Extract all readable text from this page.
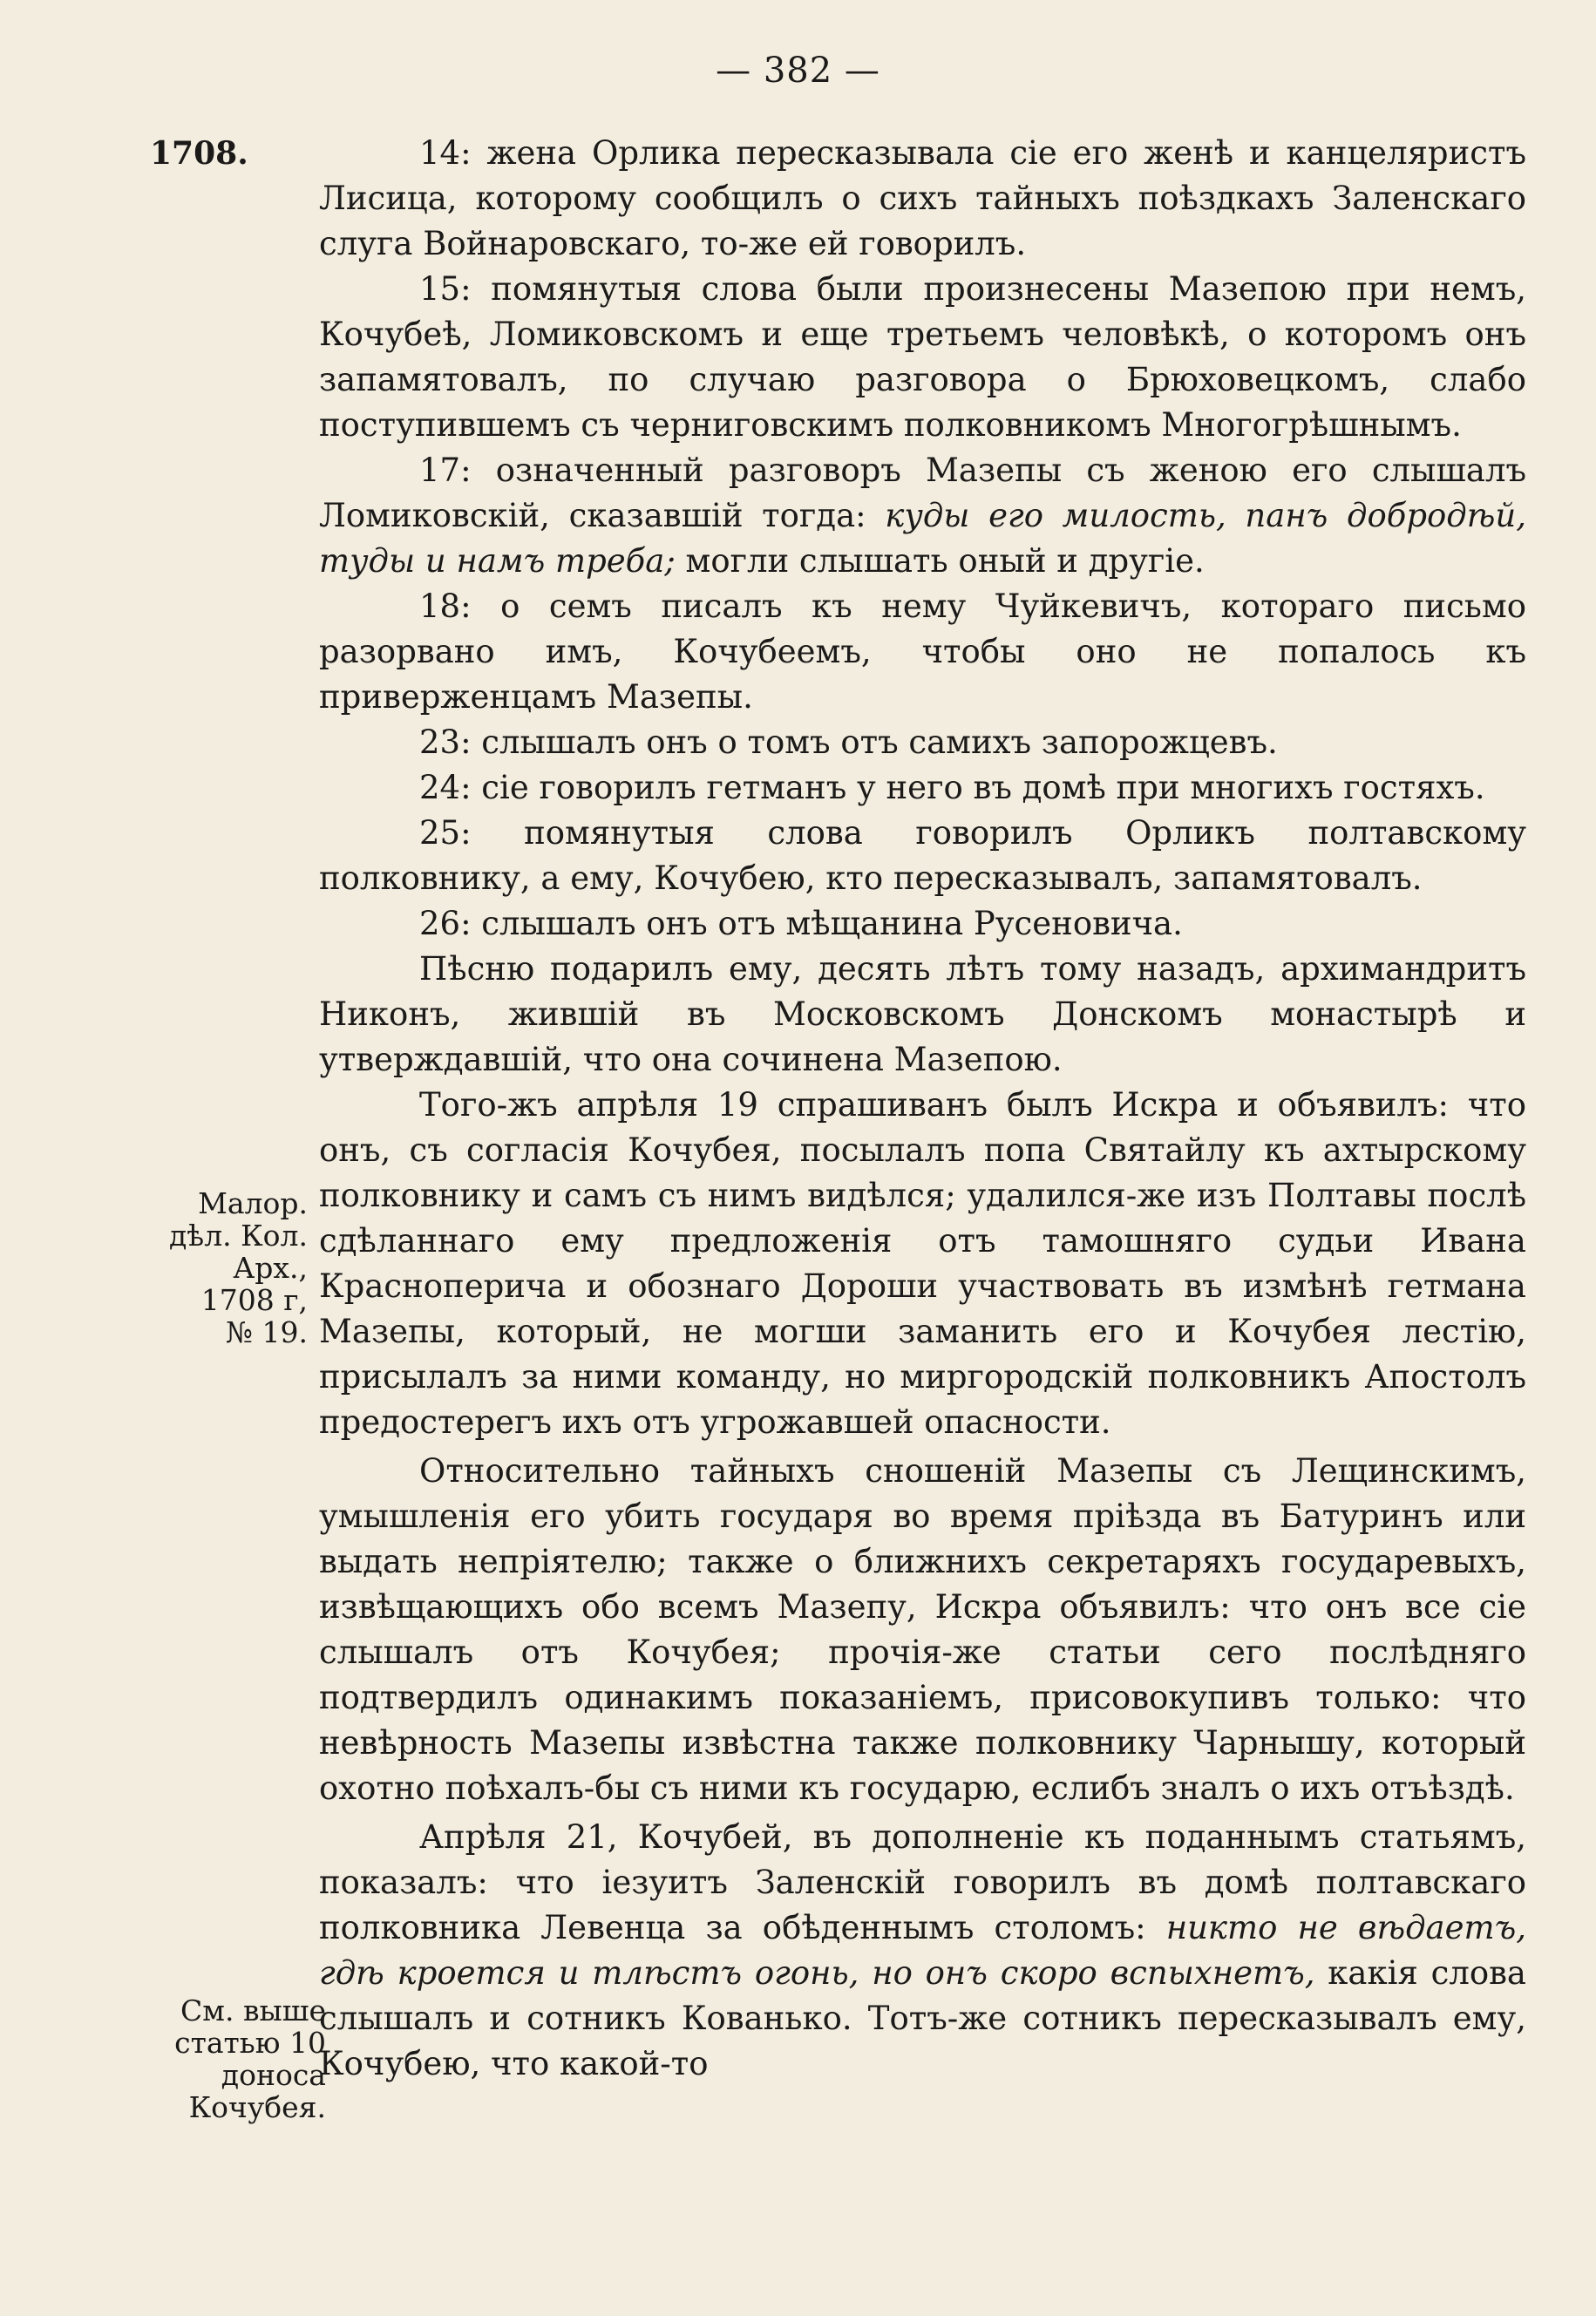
— 382 —
1708.
Малор.
дѣл. Кол.
Арх.,
1708 г,
№ 19.
См. выше
статью 10
доноса
Кочубея.

14: жена Орлика пересказывала сіе его женѣ и канцеляристъ Лисица, которому сообщилъ о сихъ тайныхъ поѣздкахъ Заленскаго слуга Войнаровскаго, то-же ей говорилъ.

15: помянутыя слова были произнесены Мазепою при немъ, Кочубеѣ, Ломиковскомъ и еще третьемъ человѣкѣ, о которомъ онъ запамятовалъ, по случаю разговора о Брюховецкомъ, слабо поступившемъ съ черниговскимъ полковникомъ Многогрѣшнымъ.

17: означенный разговоръ Мазепы съ женою его слышалъ Ломиковскій, сказавшій тогда: куды его милость, панъ добродѣй, туды и намъ треба; могли слышать оный и другіе.

18: о семъ писалъ къ нему Чуйкевичъ, котораго письмо разорвано имъ, Кочубеемъ, чтобы оно не попалось къ приверженцамъ Мазепы.

23: слышалъ онъ о томъ отъ самихъ запорожцевъ.

24: сіе говорилъ гетманъ у него въ домѣ при многихъ гостяхъ.

25: помянутыя слова говорилъ Орликъ полтавскому полковнику, а ему, Кочубею, кто пересказывалъ, запамятовалъ.

26: слышалъ онъ отъ мѣщанина Русеновича.

Пѣсню подарилъ ему, десять лѣтъ тому назадъ, архимандритъ Никонъ, жившій въ Московскомъ Донскомъ монастырѣ и утверждавшій, что она сочинена Мазепою.

Того-жъ апрѣля 19 спрашиванъ былъ Искра и объявилъ: что онъ, съ согласія Кочубея, посылалъ попа Святайлу къ ахтырскому полковнику и самъ съ нимъ видѣлся; удалился-же изъ Полтавы послѣ сдѣланнаго ему предложенія отъ тамошняго судьи Ивана Красноперича и обознаго Дороши участвовать въ измѣнѣ гетмана Мазепы, который, не могши заманить его и Кочубея лестію, присылалъ за ними команду, но миргородскій полковникъ Апостолъ предостерегъ ихъ отъ угрожавшей опасности.

Относительно тайныхъ сношеній Мазепы съ Лещинскимъ, умышленія его убить государя во время пріѣзда въ Батуринъ или выдать непріятелю; также о ближнихъ секретаряхъ государевыхъ, извѣщающихъ обо всемъ Мазепу, Искра объявилъ: что онъ все сіе слышалъ отъ Кочубея; прочія-же статьи сего послѣдняго подтвердилъ одинакимъ показаніемъ, присовокупивъ только: что невѣрность Мазепы извѣстна также полковнику Чарнышу, который охотно поѣхалъ-бы съ ними къ государю, еслибъ зналъ о ихъ отъѣздѣ.

Апрѣля 21, Кочубей, въ дополненіе къ поданнымъ статьямъ, показалъ: что іезуитъ Заленскій говорилъ въ домѣ полтавскаго полковника Левенца за обѣденнымъ столомъ: никто не вѣдаетъ, гдѣ кроется и тлѣстъ огонь, но онъ скоро вспыхнетъ, какія слова слышалъ и сотникъ Кованько. Тотъ-же сотникъ пересказывалъ ему, Кочубею, что какой-то
